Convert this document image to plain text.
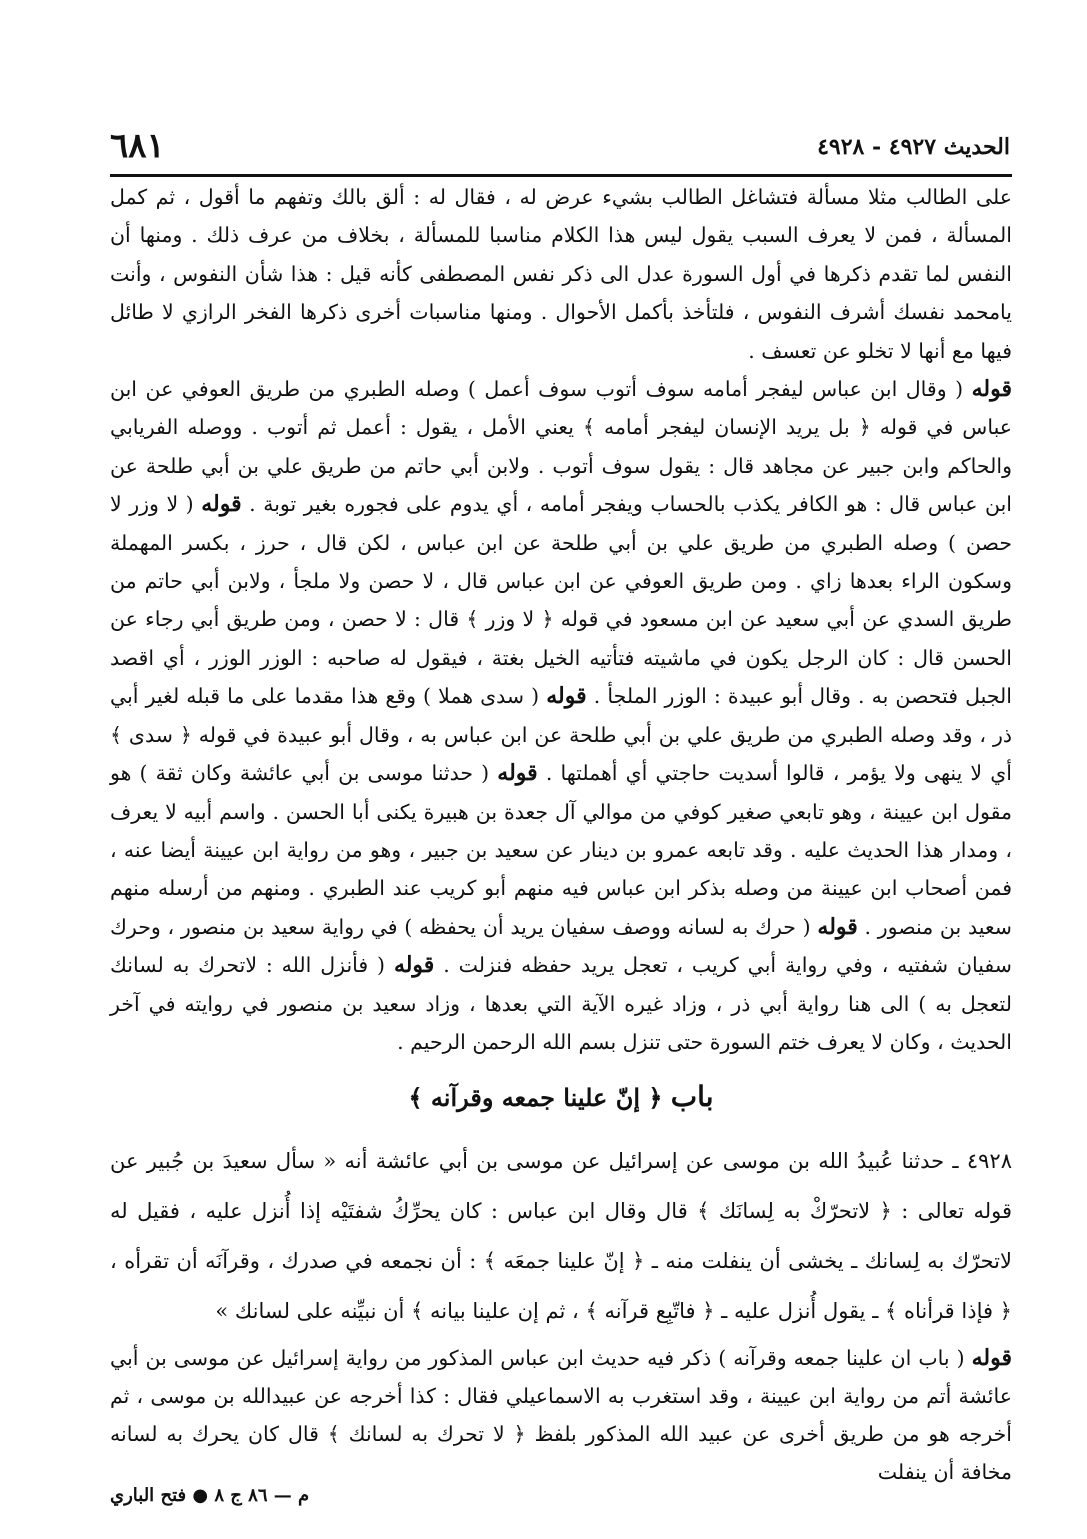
٦٨١	الحديث ٤٩٢٧ - ٤٩٢٨

على الطالب مثلا مسألة فتشاغل الطالب بشيء عرض له ، فقال له : ألق بالك وتفهم ما أقول ، ثم كمل المسألة ، فمن لا يعرف السبب يقول ليس هذا الكلام مناسبا للمسألة ، بخلاف من عرف ذلك . ومنها أن النفس لما تقدم ذكرها في أول السورة عدل الى ذكر نفس المصطفى كأنه قيل : هذا شأن النفوس ، وأنت يامحمد نفسك أشرف النفوس ، فلتأخذ بأكمل الأحوال . ومنها مناسبات أخرى ذكرها الفخر الرازي لا طائل فيها مع أنها لا تخلو عن تعسف .

قوله ( وقال ابن عباس ليفجر أمامه سوف أتوب سوف أعمل ) وصله الطبري من طريق العوفي عن ابن عباس في قوله ﴿ بل يريد الإنسان ليفجر أمامه ﴾ يعني الأمل ، يقول : أعمل ثم أتوب . ووصله الفريابي والحاكم وابن جبير عن مجاهد قال : يقول سوف أتوب . ولابن أبي حاتم من طريق علي بن أبي طلحة عن ابن عباس قال : هو الكافر يكذب بالحساب ويفجر أمامه ، أي يدوم على فجوره بغير توبة . قوله ( لا وزر لا حصن ) وصله الطبري من طريق علي بن أبي طلحة عن ابن عباس ، لكن قال ، حرز ، بكسر المهملة وسكون الراء بعدها زاي . ومن طريق العوفي عن ابن عباس قال ، لا حصن ولا ملجأ ، ولابن أبي حاتم من طريق السدي عن أبي سعيد عن ابن مسعود في قوله ﴿ لا وزر ﴾ قال : لا حصن ، ومن طريق أبي رجاء عن الحسن قال : كان الرجل يكون في ماشيته فتأتيه الخيل بغتة ، فيقول له صاحبه : الوزر الوزر ، أي اقصد الجبل فتحصن به . وقال أبو عبيدة : الوزر الملجأ . قوله ( سدى هملا ) وقع هذا مقدما على ما قبله لغير أبي ذر ، وقد وصله الطبري من طريق علي بن أبي طلحة عن ابن عباس به ، وقال أبو عبيدة في قوله ﴿ سدى ﴾ أي لا ينهى ولا يؤمر ، قالوا أسديت حاجتي أي أهملتها . قوله ( حدثنا موسى بن أبي عائشة وكان ثقة ) هو مقول ابن عيينة ، وهو تابعي صغير كوفي من موالي آل جعدة بن هبيرة يكنى أبا الحسن . واسم أبيه لا يعرف ، ومدار هذا الحديث عليه . وقد تابعه عمرو بن دينار عن سعيد بن جبير ، وهو من رواية ابن عيينة أيضا عنه ، فمن أصحاب ابن عيينة من وصله بذكر ابن عباس فيه منهم أبو كريب عند الطبري . ومنهم من أرسله منهم سعيد بن منصور . قوله ( حرك به لسانه ووصف سفيان يريد أن يحفظه ) في رواية سعيد بن منصور ، وحرك سفيان شفتيه ، وفي رواية أبي كريب ، تعجل يريد حفظه فنزلت . قوله ( فأنزل الله : لاتحرك به لسانك لتعجل به ) الى هنا رواية أبي ذر ، وزاد غيره الآية التي بعدها ، وزاد سعيد بن منصور في روايته في آخر الحديث ، وكان لا يعرف ختم السورة حتى تنزل بسم الله الرحمن الرحيم .

باب ﴿ إنّ علينا جمعه وقرآنه ﴾

٤٩٢٨ ـ حدثنا عُبيدُ الله بن موسى عن إسرائيل عن موسى بن أبي عائشة أنه « سأل سعيدَ بن جُبير عن قوله تعالى : ﴿ لاتحرّكْ به لِسانَك ﴾ قال وقال ابن عباس : كان يحرِّكُ شفتَيْه إذا أُنزل عليه ، فقيل له لاتحرّك به لِسانك ـ يخشى أن ينفلت منه ـ ﴿ إنّ علينا جمعَه ﴾ : أن نجمعه في صدرك ، وقرآنَه أن تقرأه ، ﴿ فإذا قرأناه ﴾ ـ يقول أُنزل عليه ـ ﴿ فاتّبِع قرآنه ﴾ ، ثم إن علينا بيانه ﴾ أن نبيِّنه على لسانك »

قوله ( باب ان علينا جمعه وقرآنه ) ذكر فيه حديث ابن عباس المذكور من رواية إسرائيل عن موسى بن أبي عائشة أتم من رواية ابن عيينة ، وقد استغرب به الاسماعيلي فقال : كذا أخرجه عن عبيدالله بن موسى ، ثم أخرجه هو من طريق أخرى عن عبيد الله المذكور بلفظ ﴿ لا تحرك به لسانك ﴾ قال كان يحرك به لسانه مخافة أن ينفلت

م — ٨٦ ج ٨ ● فتح الباري
